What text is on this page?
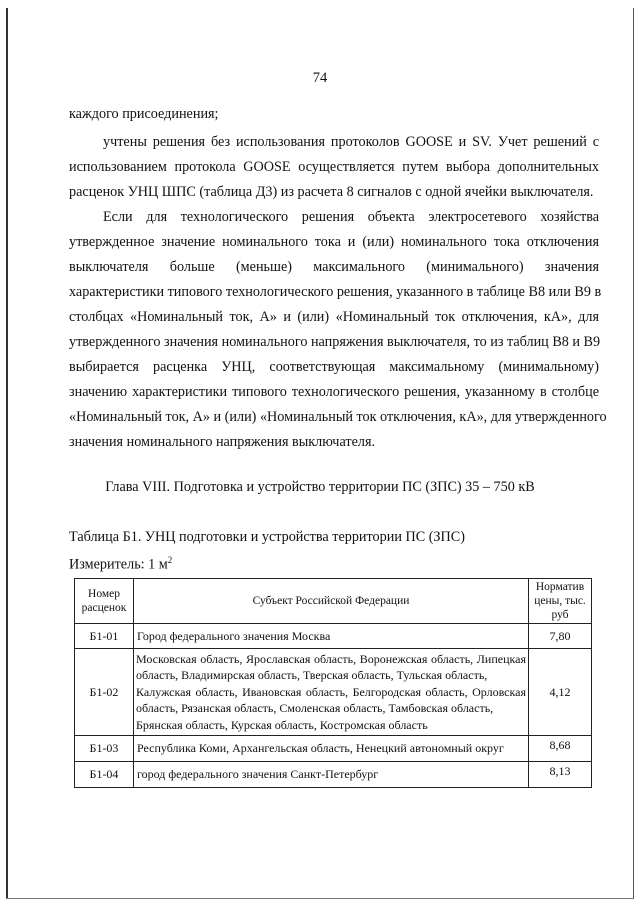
74
каждого присоединения;
учтены решения без использования протоколов GOOSE и SV. Учет решений с
использованием протокола GOOSE осуществляется путем выбора дополнительных
расценок УНЦ ШПС (таблица Д3) из расчета 8 сигналов с одной ячейки выключателя.
Если для технологического решения объекта электросетевого хозяйства
утвержденное значение номинального тока и (или) номинального тока отключения
выключателя больше (меньше) максимального (минимального) значения
характеристики типового технологического решения, указанного в таблице В8 или В9 в
столбцах «Номинальный ток, А» и (или) «Номинальный ток отключения, кА», для
утвержденного значения номинального напряжения выключателя, то из таблиц В8 и В9
выбирается расценка УНЦ, соответствующая максимальному (минимальному)
значению характеристики типового технологического решения, указанному в столбце
«Номинальный ток, А» и (или) «Номинальный ток отключения, кА», для утвержденного
значения номинального напряжения выключателя.
Глава VIII. Подготовка и устройство территории ПС (ЗПС) 35 – 750 кВ
Таблица Б1. УНЦ подготовки и устройства территории ПС (ЗПС)
Измеритель: 1 $м^2$
Номер расценок	Субъект Российской Федерации	Норматив цены, тыс. руб
Б1-01	Город федерального значения Москва	7,80
Б1-02	Московская область, Ярославская область, Воронежская область, Липецкая
область, Владимирская область, Тверская область, Тульская область,
Калужская область, Ивановская область, Белгородская область, Орловская
область, Рязанская область, Смоленская область, Тамбовская область,
Брянская область, Курская область, Костромская область	4,12
Б1-03	Республика Коми, Архангельская область, Ненецкий автономный округ	8,68
Б1-04	город федерального значения Санкт-Петербург	8,13
